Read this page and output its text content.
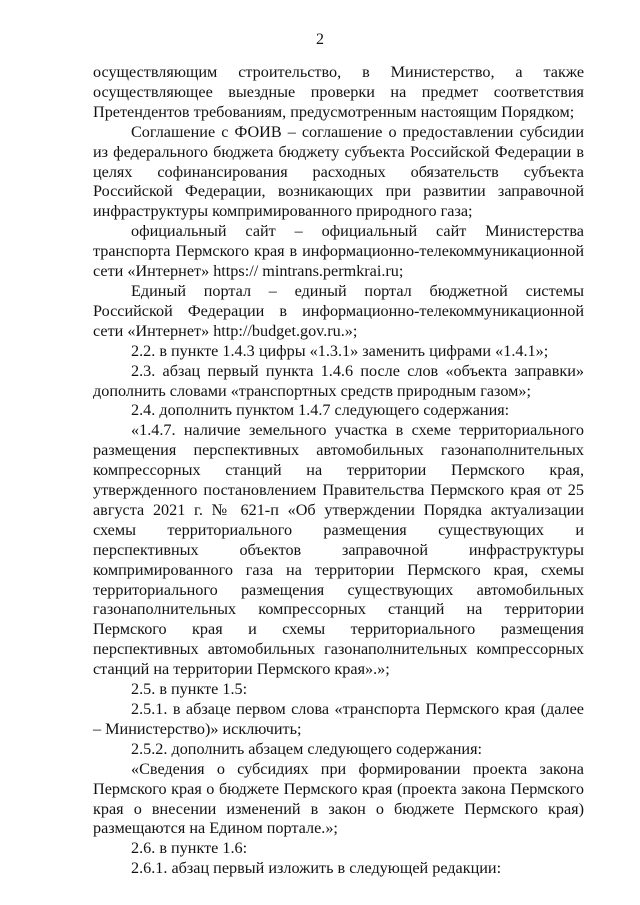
2

осуществляющим строительство, в Министерство, а также осуществляющее выездные проверки на предмет соответствия Претендентов требованиям, предусмотренным настоящим Порядком;

Соглашение с ФОИВ – соглашение о предоставлении субсидии из федерального бюджета бюджету субъекта Российской Федерации в целях софинансирования расходных обязательств субъекта Российской Федерации, возникающих при развитии заправочной инфраструктуры компримированного природного газа;

официальный сайт – официальный сайт Министерства транспорта Пермского края в информационно-телекоммуникационной сети «Интернет» https:// mintrans.permkrai.ru;

Единый портал – единый портал бюджетной системы Российской Федерации в информационно-телекоммуникационной сети «Интернет» http://budget.gov.ru.»;

2.2. в пункте 1.4.3 цифры «1.3.1» заменить цифрами «1.4.1»;

2.3. абзац первый пункта 1.4.6 после слов «объекта заправки» дополнить словами «транспортных средств природным газом»;

2.4. дополнить пунктом 1.4.7 следующего содержания:

«1.4.7. наличие земельного участка в схеме территориального размещения перспективных автомобильных газонаполнительных компрессорных станций на территории Пермского края, утвержденного постановлением Правительства Пермского края от 25 августа 2021 г. № 621-п «Об утверждении Порядка актуализации схемы территориального размещения существующих и перспективных объектов заправочной инфраструктуры компримированного газа на территории Пермского края, схемы территориального размещения существующих автомобильных газонаполнительных компрессорных станций на территории Пермского края и схемы территориального размещения перспективных автомобильных газонаполнительных компрессорных станций на территории Пермского края».»;

2.5. в пункте 1.5:

2.5.1. в абзаце первом слова «транспорта Пермского края (далее – Министерство)» исключить;

2.5.2. дополнить абзацем следующего содержания:

«Сведения о субсидиях при формировании проекта закона Пермского края о бюджете Пермского края (проекта закона Пермского края о внесении изменений в закон о бюджете Пермского края) размещаются на Едином портале.»;

2.6. в пункте 1.6:

2.6.1. абзац первый изложить в следующей редакции:
